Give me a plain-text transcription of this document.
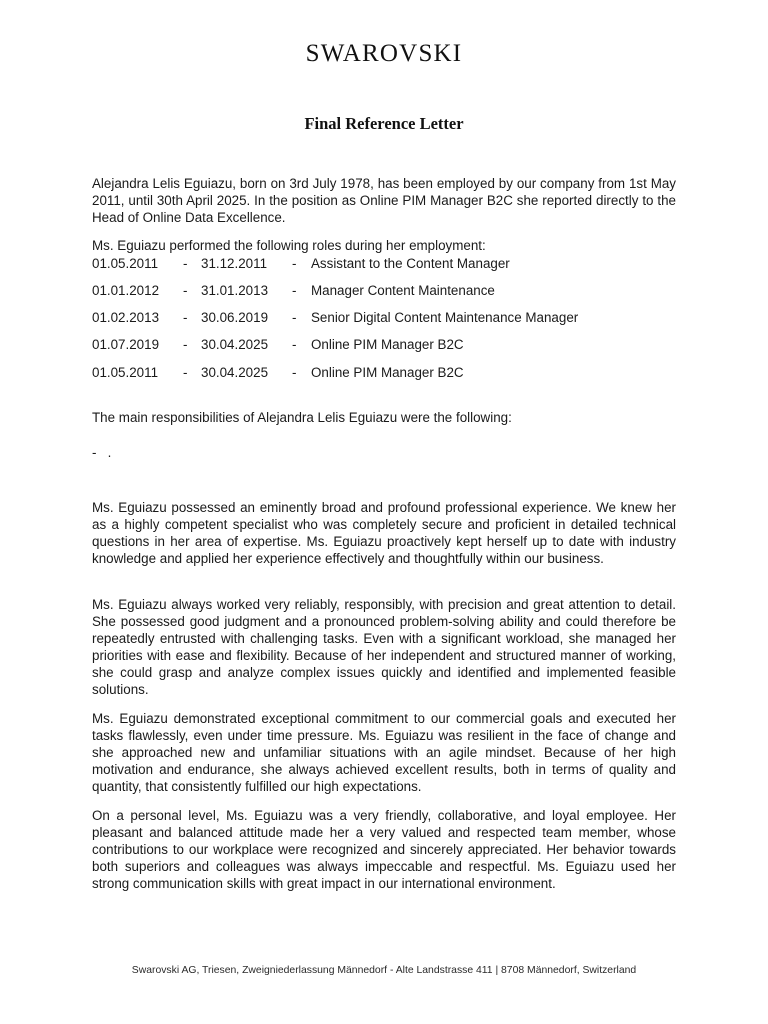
SWAROVSKI
Final Reference Letter

Alejandra Lelis Eguiazu, born on 3rd July 1978, has been employed by our company from 1st May 2011, until 30th April 2025. In the position as Online PIM Manager B2C she reported directly to the Head of Online Data Excellence.

Ms. Eguiazu performed the following roles during her employment:

01.05.2011 - 31.12.2011 - Assistant to the Content Manager
01.01.2012 - 31.01.2013 - Manager Content Maintenance
01.02.2013 - 30.06.2019 - Senior Digital Content Maintenance Manager
01.07.2019 - 30.04.2025 - Online PIM Manager B2C
01.05.2011 - 30.04.2025 - Online PIM Manager B2C

The main responsibilities of Alejandra Lelis Eguiazu were the following:

-   .

Ms. Eguiazu possessed an eminently broad and profound professional experience. We knew her as a highly competent specialist who was completely secure and proficient in detailed technical questions in her area of expertise. Ms. Eguiazu proactively kept herself up to date with industry knowledge and applied her experience effectively and thoughtfully within our business.

Ms. Eguiazu always worked very reliably, responsibly, with precision and great attention to detail. She possessed good judgment and a pronounced problem-solving ability and could therefore be repeatedly entrusted with challenging tasks. Even with a significant workload, she managed her priorities with ease and flexibility. Because of her independent and structured manner of working, she could grasp and analyze complex issues quickly and identified and implemented feasible solutions.

Ms. Eguiazu demonstrated exceptional commitment to our commercial goals and executed her tasks flawlessly, even under time pressure. Ms. Eguiazu was resilient in the face of change and she approached new and unfamiliar situations with an agile mindset. Because of her high motivation and endurance, she always achieved excellent results, both in terms of quality and quantity, that consistently fulfilled our high expectations.

On a personal level, Ms. Eguiazu was a very friendly, collaborative, and loyal employee. Her pleasant and balanced attitude made her a very valued and respected team member, whose contributions to our workplace were recognized and sincerely appreciated. Her behavior towards both superiors and colleagues was always impeccable and respectful. Ms. Eguiazu used her strong communication skills with great impact in our international environment.

Swarovski AG, Triesen, Zweigniederlassung Männedorf - Alte Landstrasse 411 | 8708 Männedorf, Switzerland
